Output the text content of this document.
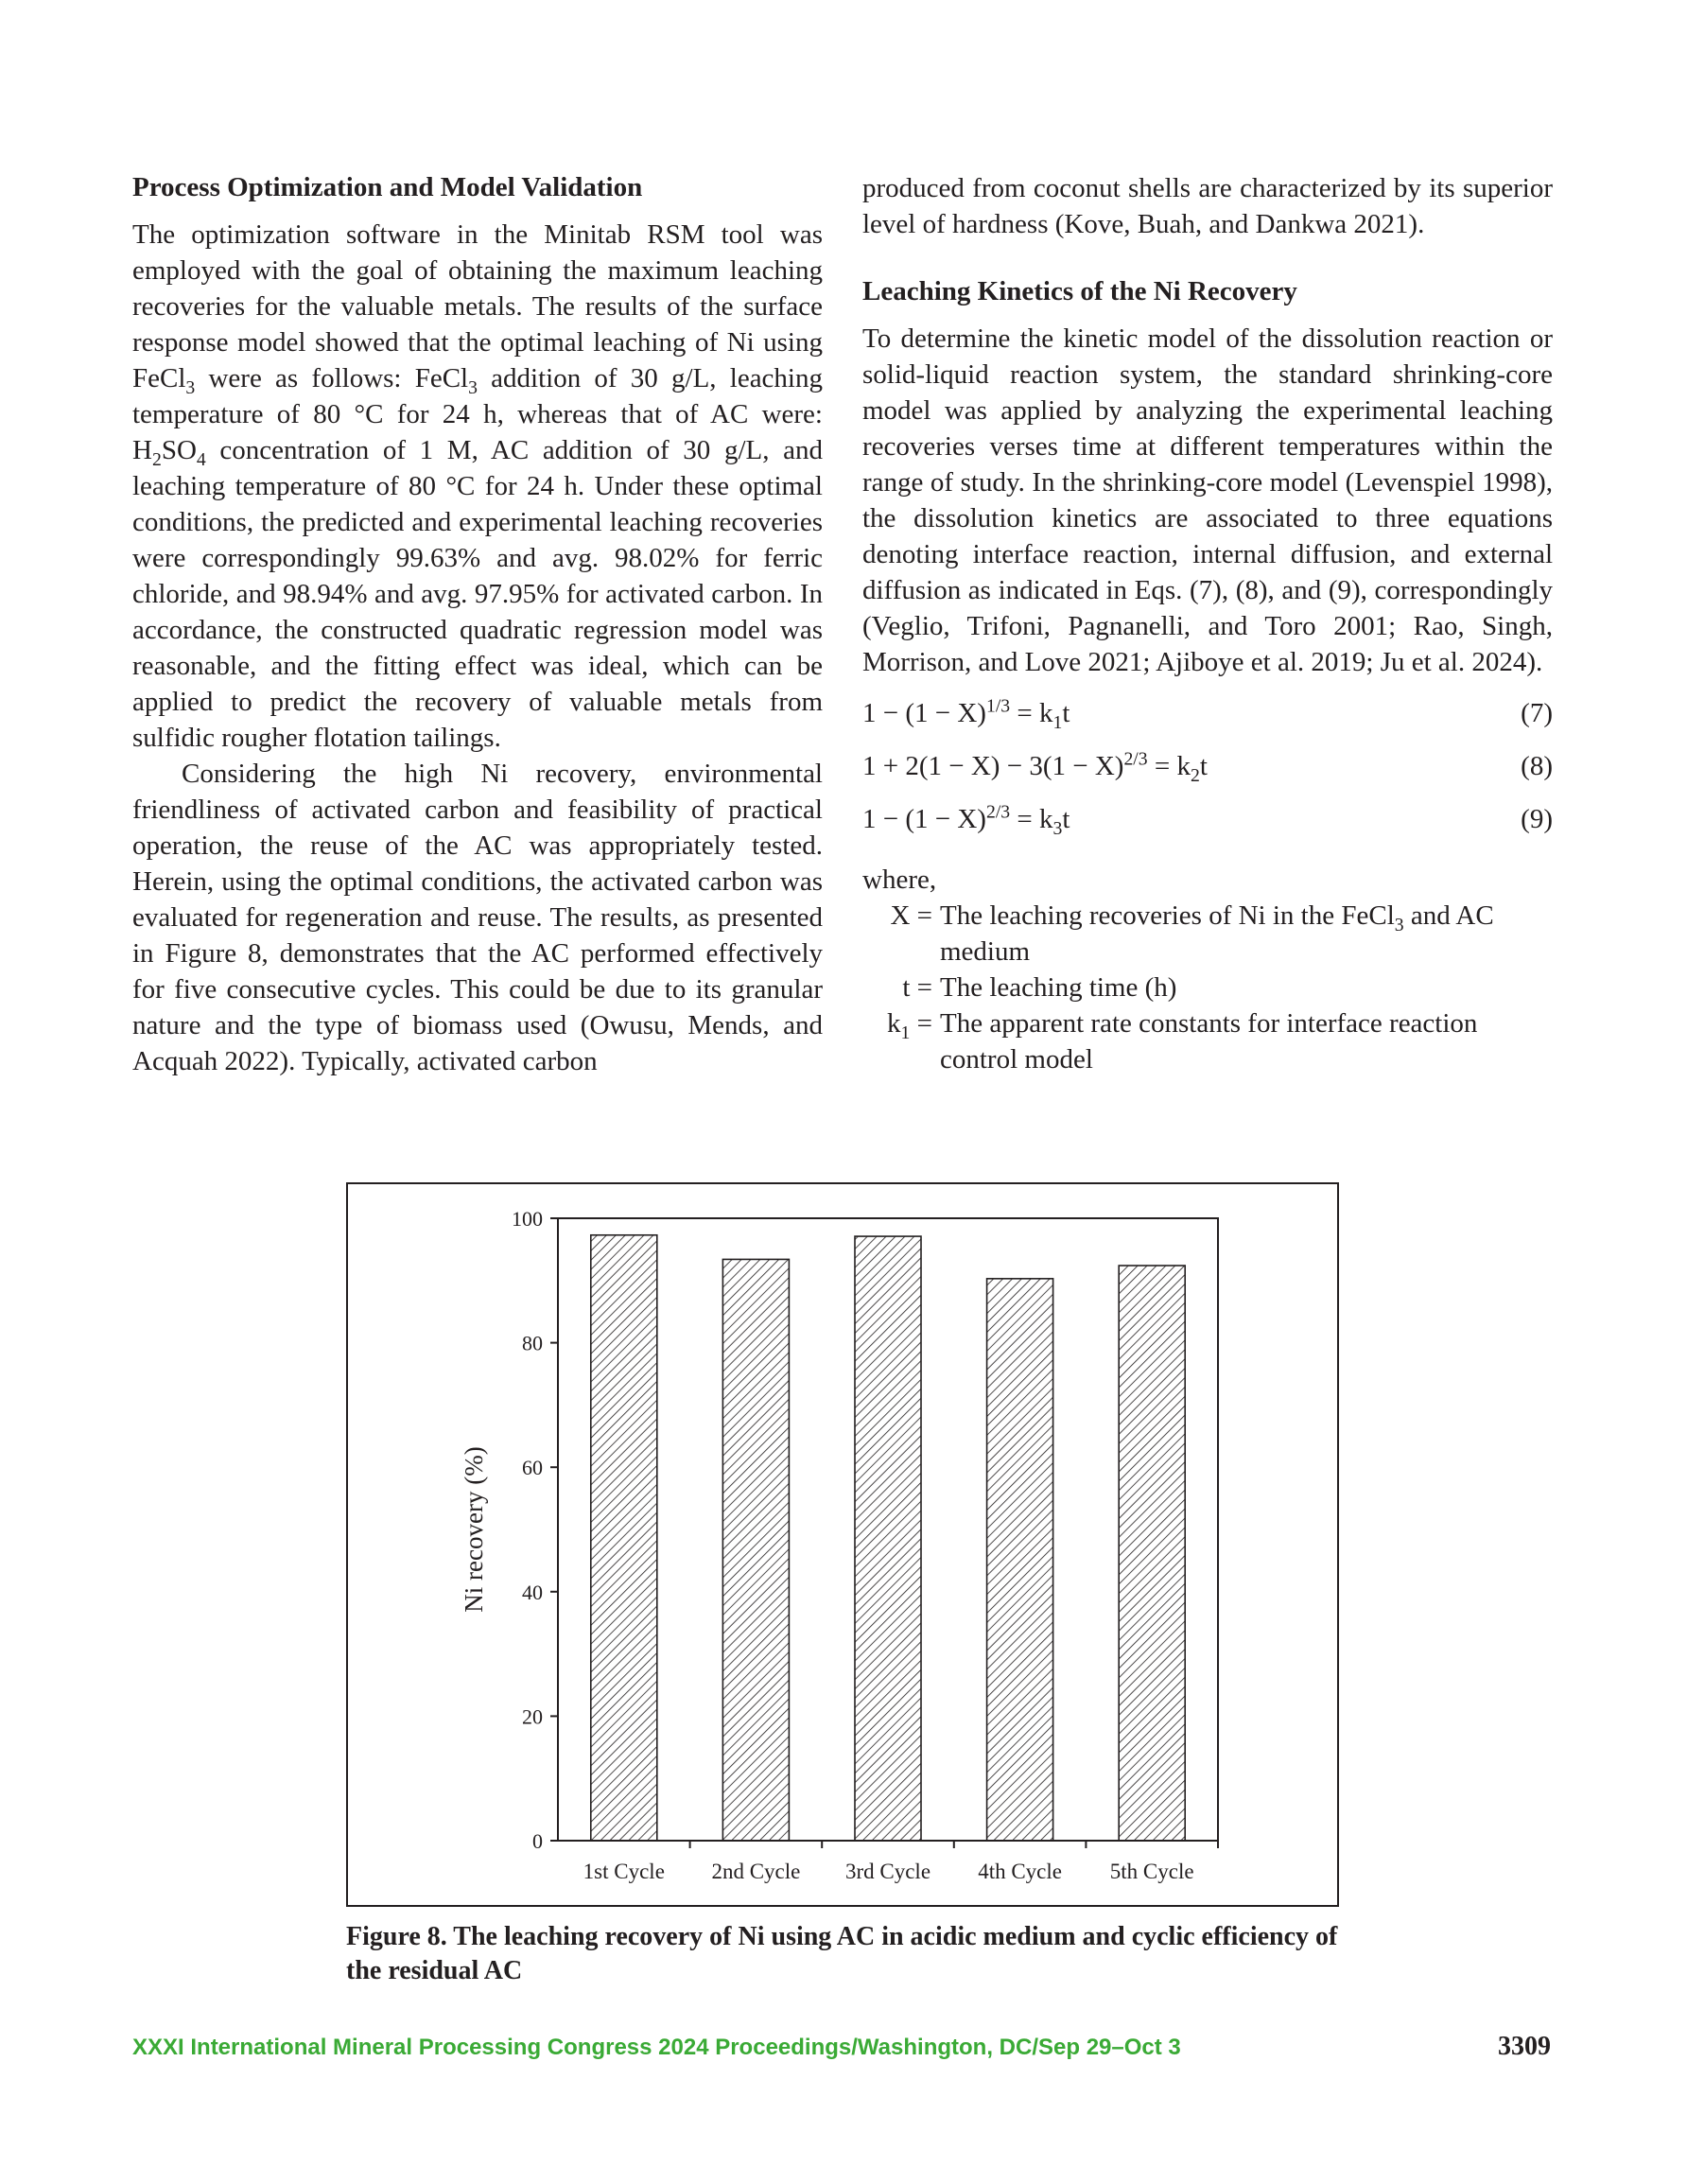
Process Optimization and Model Validation

The optimization software in the Minitab RSM tool was employed with the goal of obtaining the maximum leaching recoveries for the valuable metals. The results of the surface response model showed that the optimal leaching of Ni using FeCl$_3$ were as follows: FeCl$_3$ addition of 30 g/L, leaching temperature of 80 °C for 24 h, whereas that of AC were: $H_2SO_4$ concentration of 1 M, AC addition of 30 g/L, and leaching temperature of 80 °C for 24 h. Under these optimal conditions, the predicted and experimental leaching recoveries were correspondingly 99.63% and avg. 98.02% for ferric chloride, and 98.94% and avg. 97.95% for activated carbon. In accordance, the constructed quadratic regression model was reasonable, and the fitting effect was ideal, which can be applied to predict the recovery of valuable metals from sulfidic rougher flotation tailings.

Considering the high Ni recovery, environmental friendliness of activated carbon and feasibility of practical operation, the reuse of the AC was appropriately tested. Herein, using the optimal conditions, the activated carbon was evaluated for regeneration and reuse. The results, as presented in Figure 8, demonstrates that the AC performed effectively for five consecutive cycles. This could be due to its granular nature and the type of biomass used (Owusu, Mends, and Acquah 2022). Typically, activated carbon

produced from coconut shells are characterized by its superior level of hardness (Kove, Buah, and Dankwa 2021).

Leaching Kinetics of the Ni Recovery

To determine the kinetic model of the dissolution reaction or solid-liquid reaction system, the standard shrinking-core model was applied by analyzing the experimental leaching recoveries verses time at different temperatures within the range of study. In the shrinking-core model (Levenspiel 1998), the dissolution kinetics are associated to three equations denoting interface reaction, internal diffusion, and external diffusion as indicated in Eqs. (7), (8), and (9), correspondingly (Veglio, Trifoni, Pagnanelli, and Toro 2001; Rao, Singh, Morrison, and Love 2021; Ajiboye et al. 2019; Ju et al. 2024).

$1 - (1 - X)^{1/3} = k_1t$	(7)
$1 + 2(1 - X) - 3(1 - X)^{2/3} = k_2t$	(8)
$1 - (1 - X)^{2/3} = k_3t$	(9)
where,
X = The leaching recoveries of Ni in the FeCl$_3$ and AC medium
t = The leaching time (h)
$k_1$ = The apparent rate constants for interface reaction control model
0
20
40
60
80
100
1st Cycle 2nd Cycle 3rd Cycle 4th Cycle 5th Cycle
Ni recovery (%)
Figure 8. The leaching recovery of Ni using AC in acidic medium and cyclic efficiency of the residual AC
XXXI International Mineral Processing Congress 2024 Proceedings/Washington, DC/Sep 29–Oct 3	3309
